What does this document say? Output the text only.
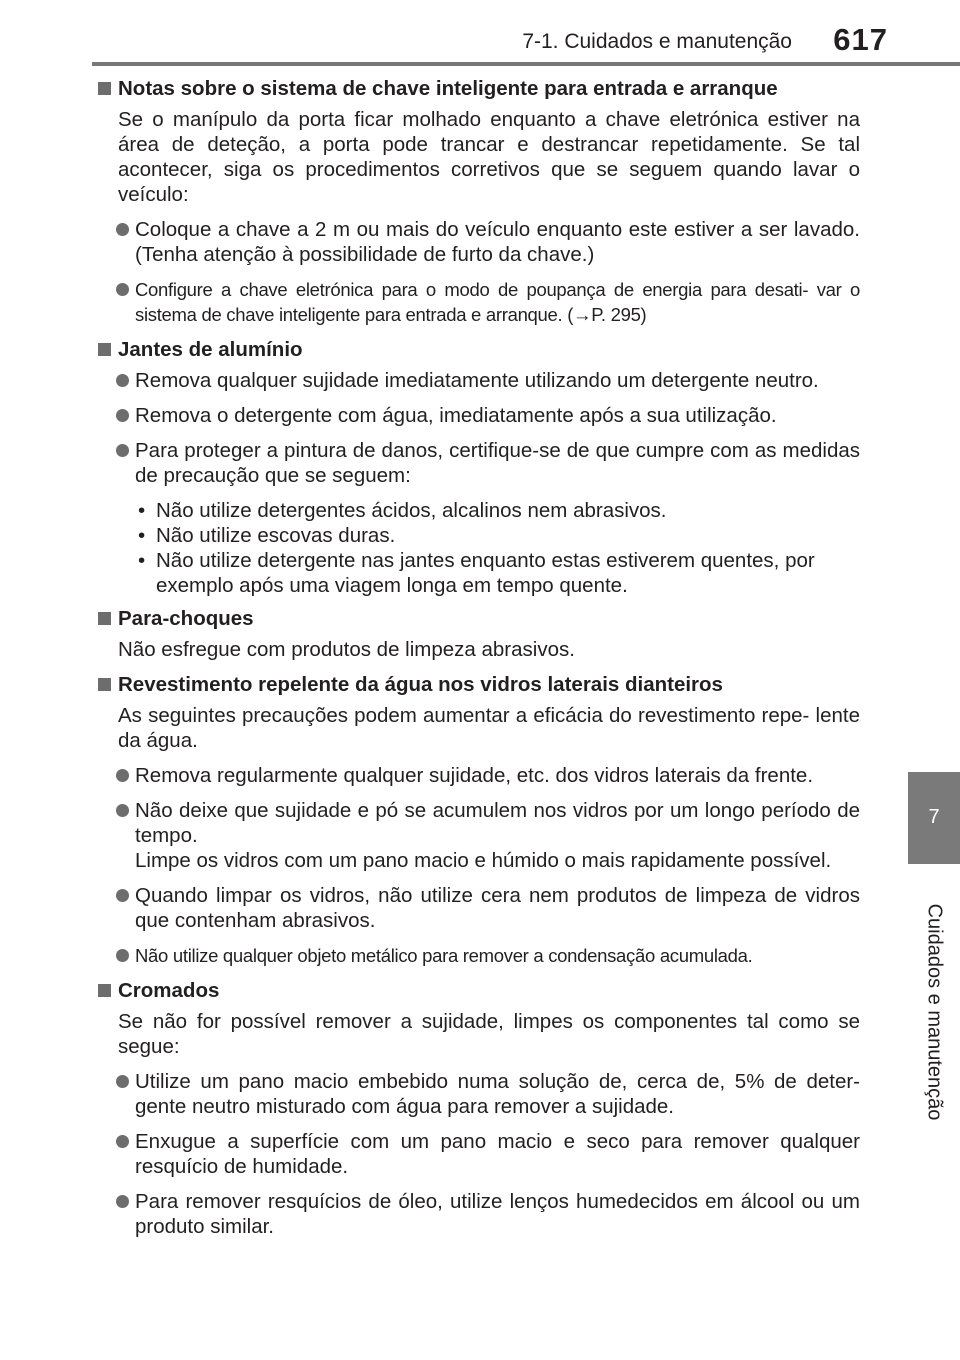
7-1. Cuidados e manutenção 617
7
Cuidados e manutenção
Notas sobre o sistema de chave inteligente para entrada e arranque
Se o manípulo da porta ficar molhado enquanto a chave eletrónica estiver na área de deteção, a porta pode trancar e destrancar repetidamente. Se tal acontecer, siga os procedimentos corretivos que se seguem quando lavar o veículo:
Coloque a chave a 2 m ou mais do veículo enquanto este estiver a ser lavado. (Tenha atenção à possibilidade de furto da chave.)
Configure a chave eletrónica para o modo de poupança de energia para desati- var o sistema de chave inteligente para entrada e arranque. (→P. 295)
Jantes de alumínio
Remova qualquer sujidade imediatamente utilizando um detergente neutro.
Remova o detergente com água, imediatamente após a sua utilização.
Para proteger a pintura de danos, certifique-se de que cumpre com as medidas de precaução que se seguem:
• Não utilize detergentes ácidos, alcalinos nem abrasivos.
• Não utilize escovas duras.
• Não utilize detergente nas jantes enquanto estas estiverem quentes, por exemplo após uma viagem longa em tempo quente.
Para-choques
Não esfregue com produtos de limpeza abrasivos.
Revestimento repelente da água nos vidros laterais dianteiros
As seguintes precauções podem aumentar a eficácia do revestimento repe- lente da água.
Remova regularmente qualquer sujidade, etc. dos vidros laterais da frente.
Não deixe que sujidade e pó se acumulem nos vidros por um longo período de tempo.
Limpe os vidros com um pano macio e húmido o mais rapidamente possível.
Quando limpar os vidros, não utilize cera nem produtos de limpeza de vidros que contenham abrasivos.
Não utilize qualquer objeto metálico para remover a condensação acumulada.
Cromados
Se não for possível remover a sujidade, limpes os componentes tal como se segue:
Utilize um pano macio embebido numa solução de, cerca de, 5% de deter- gente neutro misturado com água para remover a sujidade.
Enxugue a superfície com um pano macio e seco para remover qualquer resquício de humidade.
Para remover resquícios de óleo, utilize lenços humedecidos em álcool ou um produto similar.
